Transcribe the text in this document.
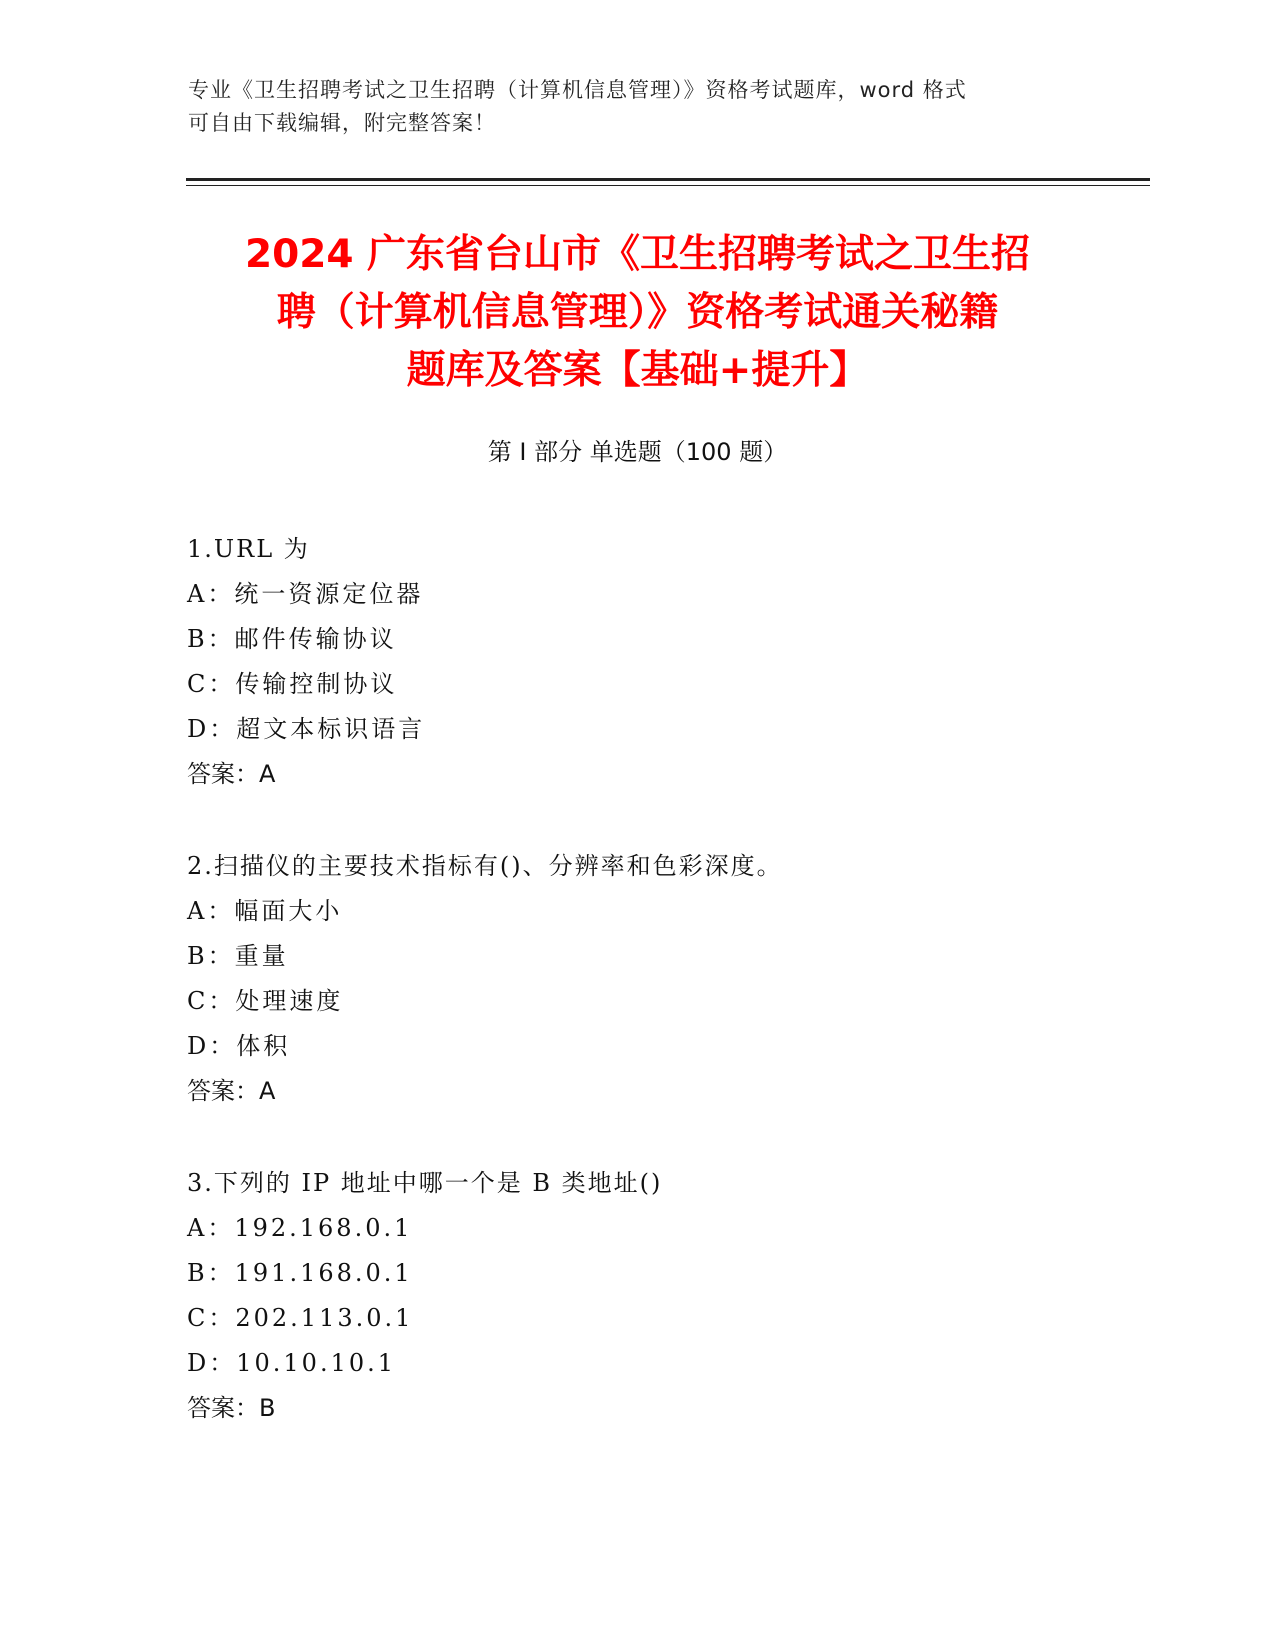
专业《卫生招聘考试之卫生招聘（计算机信息管理）》资格考试题库，word 格式
可自由下载编辑，附完整答案！
2024 广东省台山市《卫生招聘考试之卫生招
聘（计算机信息管理）》资格考试通关秘籍
题库及答案【基础+提升】
第 I 部分 单选题（100 题）
1.URL 为
A：统一资源定位器
B：邮件传输协议
C：传输控制协议
D：超文本标识语言
答案：A
2.扫描仪的主要技术指标有()、分辨率和色彩深度。
A：幅面大小
B：重量
C：处理速度
D：体积
答案：A
3.下列的 IP 地址中哪一个是 B 类地址()
A：192.168.0.1
B：191.168.0.1
C：202.113.0.1
D：10.10.10.1
答案：B
